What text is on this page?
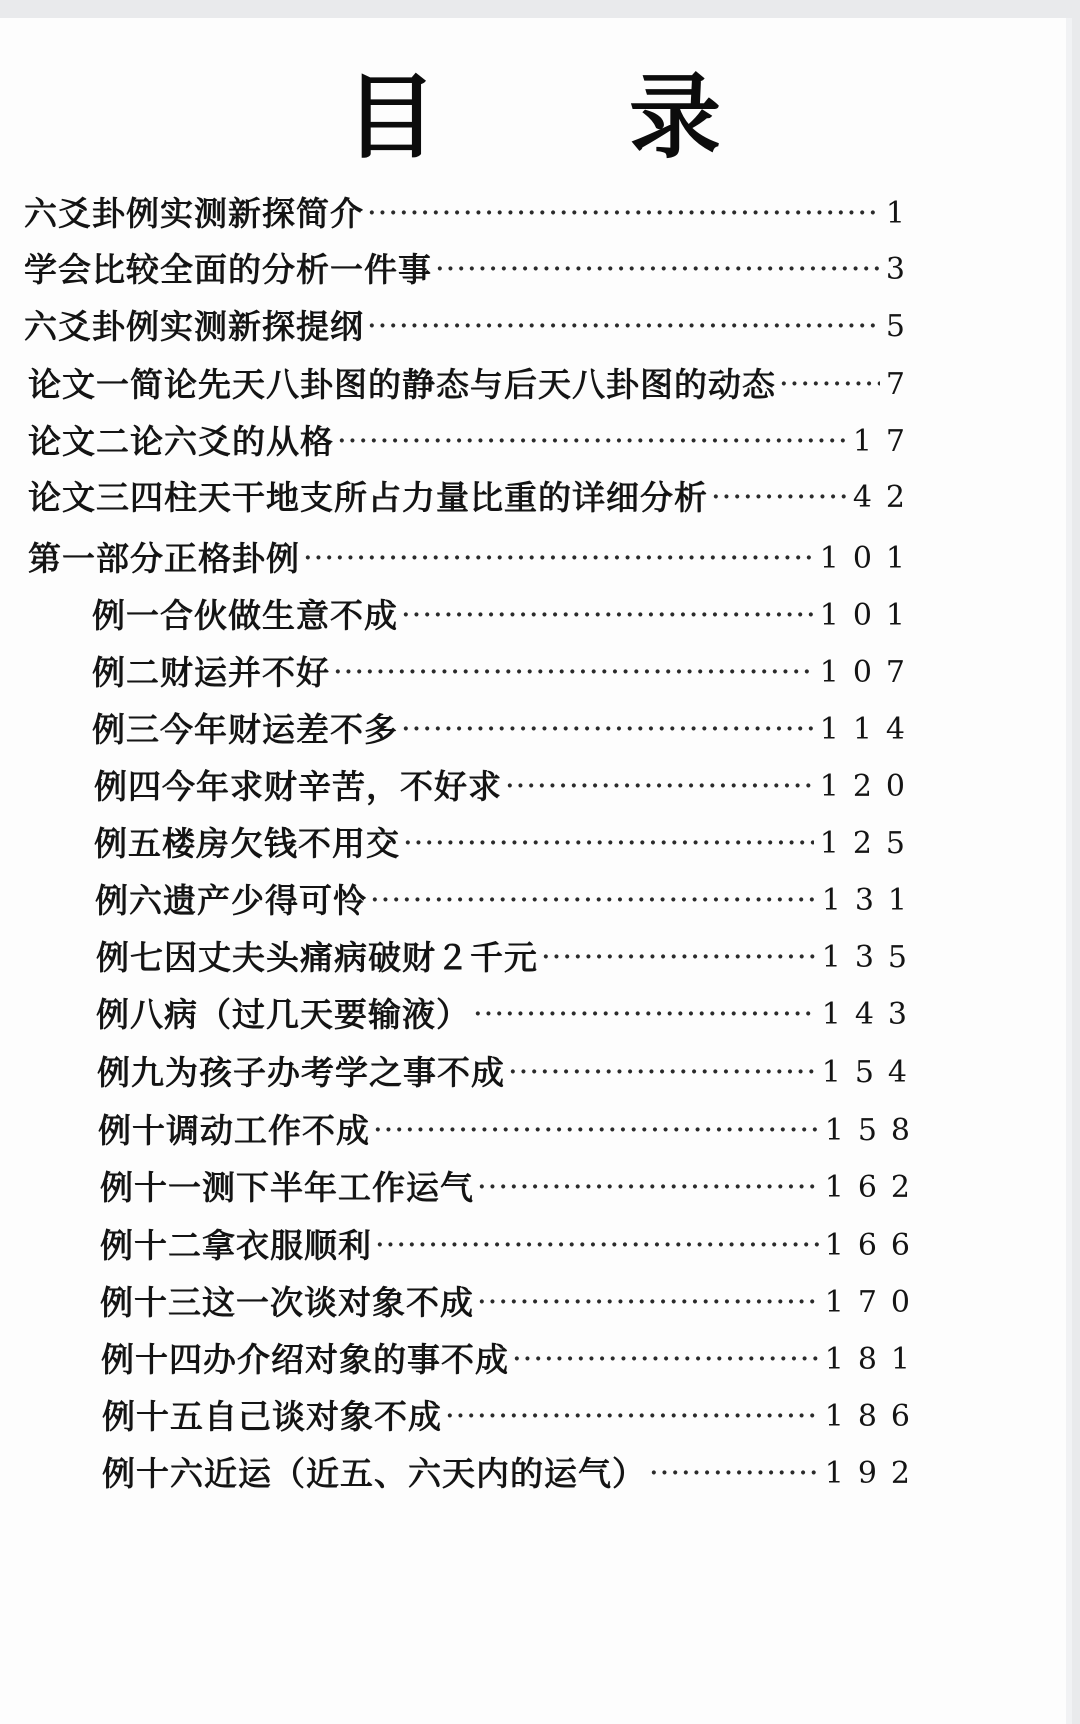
目 录
六爻卦例实测新探简介 ·····	1
学会比较全面的分析一件事 ·····	3
六爻卦例实测新探提纲 ·····	5
论文一 简论先天八卦图的静态与后天八卦图的动态 ·····	7
论文二 论六爻的从格 ·····	17
论文三 四柱天干地支所占力量比重的详细分析 ·····	42
第一部分 正格卦例 ·····	101
例一 合伙做生意不成 ·····	101
例二 财运并不好 ·····	107
例三 今年财运差不多 ·····	114
例四 今年求财辛苦，不好求 ·····	120
例五 楼房欠钱不用交 ·····	125
例六 遗产少得可怜 ·····	131
例七 因丈夫头痛病破财２千元 ·····	135
例八 病（过几天要输液） ·····	143
例九 为孩子办考学之事不成 ·····	154
例十 调动工作不成 ·····	158
例十一 测下半年工作运气 ·····	162
例十二 拿衣服顺利 ·····	166
例十三 这一次谈对象不成 ·····	170
例十四 办介绍对象的事不成 ·····	181
例十五 自己谈对象不成 ·····	186
例十六 近运（近五、六天内的运气） ·····	192
